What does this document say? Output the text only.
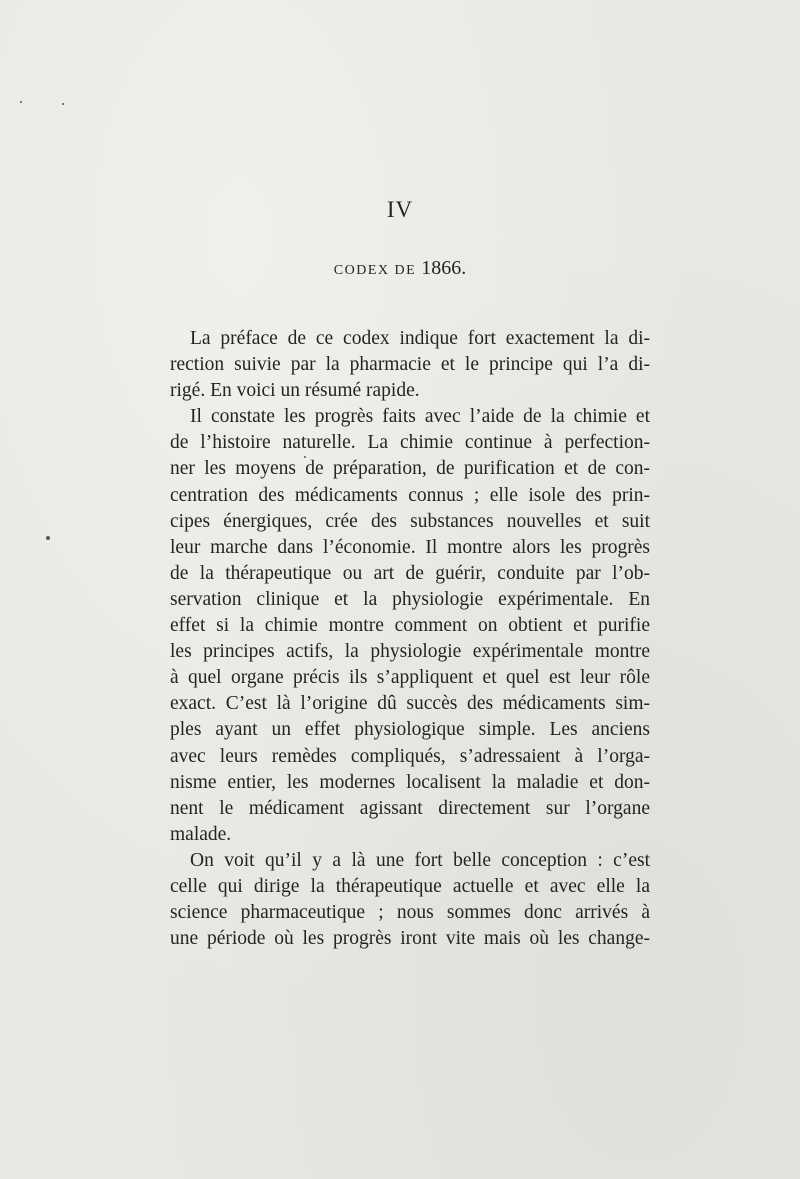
IV
CODEX DE 1866.
La préface de ce codex indique fort exactement la di-
rection suivie par la pharmacie et le principe qui l’a di-
rigé. En voici un résumé rapide.
Il constate les progrès faits avec l’aide de la chimie et
de l’histoire naturelle. La chimie continue à perfection-
ner les moyens de préparation, de purification et de con-
centration des médicaments connus ; elle isole des prin-
cipes énergiques, crée des substances nouvelles et suit
leur marche dans l’économie. Il montre alors les progrès
de la thérapeutique ou art de guérir, conduite par l’ob-
servation clinique et la physiologie expérimentale. En
effet si la chimie montre comment on obtient et purifie
les principes actifs, la physiologie expérimentale montre
à quel organe précis ils s’appliquent et quel est leur rôle
exact. C’est là l’origine dû succès des médicaments sim-
ples ayant un effet physiologique simple. Les anciens
avec leurs remèdes compliqués, s’adressaient à l’orga-
nisme entier, les modernes localisent la maladie et don-
nent le médicament agissant directement sur l’organe
malade.
On voit qu’il y a là une fort belle conception : c’est
celle qui dirige la thérapeutique actuelle et avec elle la
science pharmaceutique ; nous sommes donc arrivés à
une période où les progrès iront vite mais où les change-
